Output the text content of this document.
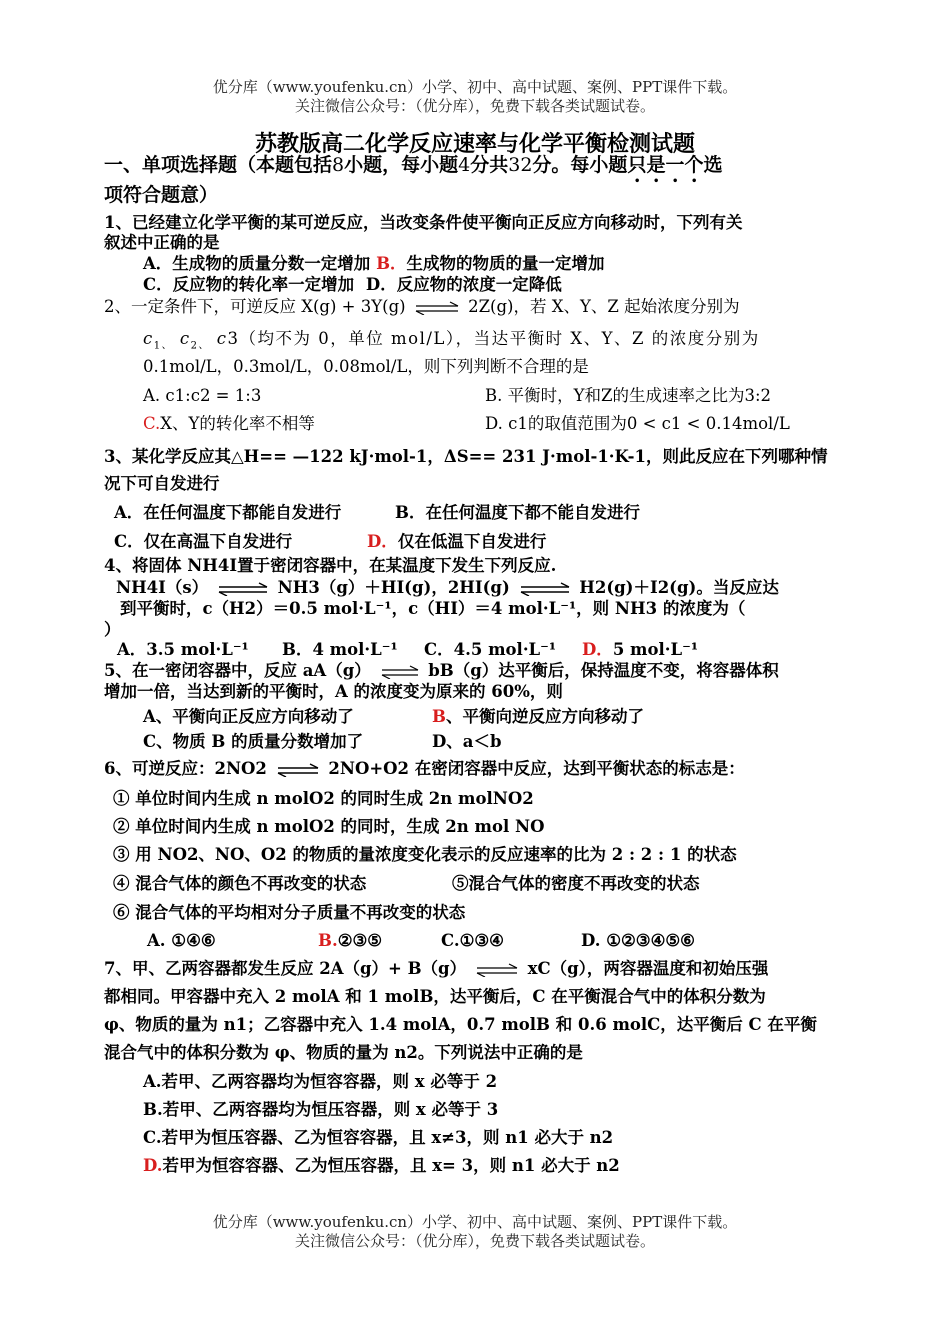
优分库（www.youfenku.cn）小学、初中、高中试题、案例、PPT课件下载。
关注微信公众号：（优分库），免费下载各类试题试卷。
苏教版高二化学反应速率与化学平衡检测试题
一、单项选择题（本题包括8小题，每小题4分共32分。每小题只是一个选
项符合题意）
1、已经建立化学平衡的某可逆反应，当改变条件使平衡向正反应方向移动时，下列有关
叙述中正确的是
A．生成物的质量分数一定增加 B．生成物的物质的量一定增加
C．反应物的转化率一定增加 D．反应物的浓度一定降低
2、一定条件下，可逆反应 X(g) + 3Y(g) ⇌ 2Z(g)，若 X、Y、Z 起始浓度分别为
$c_{1、}$ $c_{2、}$ c3（均不为 0，单位 mol/L），当达平衡时 X、Y、Z 的浓度分别为
0.1mol/L，0.3mol/L，0.08mol/L，则下列判断不合理的是
A. c1:c2 = 1:3	B. 平衡时，Y和Z的生成速率之比为3:2
C.X、Y的转化率不相等	D. c1的取值范围为0 < c1 < 0.14mol/L
3、某化学反应其△H== —122 kJ·mol-1，ΔS== 231 J·mol-1·K-1，则此反应在下列哪种情
况下可自发进行
A．在任何温度下都能自发进行	B．在任何温度下都不能自发进行
C．仅在高温下自发进行	D．仅在低温下自发进行
4、将固体 NH4Ⅰ置于密闭容器中，在某温度下发生下列反应.
NH4Ⅰ（s） ⇌ NH3（g）＋HⅠ(g)，2HI(g) ⇌ H2(g)＋I2(g)。当反应达
到平衡时，c（H2）＝0.5 mol·L⁻¹，c（HⅠ）＝4 mol·L⁻¹，则 NH3 的浓度为（
）
A．3.5 mol·L⁻¹ B．4 mol·L⁻¹ C．4.5 mol·L⁻¹ D．5 mol·L⁻¹
5、在一密闭容器中，反应 aA（g） ⇌ bB（g）达平衡后，保持温度不变，将容器体积
增加一倍，当达到新的平衡时，A 的浓度变为原来的 60%，则
A、平衡向正反应方向移动了	B、平衡向逆反应方向移动了
C、物质 B 的质量分数增加了	D、a＜b
6、可逆反应：2NO2 ⇌ 2NO+O2 在密闭容器中反应，达到平衡状态的标志是：
① 单位时间内生成 n molO2 的同时生成 2n molNO2
② 单位时间内生成 n molO2 的同时，生成 2n mol NO
③ 用 NO2、NO、O2 的物质的量浓度变化表示的反应速率的比为 2 : 2 : 1 的状态
④ 混合气体的颜色不再改变的状态	⑤混合气体的密度不再改变的状态
⑥ 混合气体的平均相对分子质量不再改变的状态
A. ①④⑥	B.②③⑤	C.①③④	D. ①②③④⑤⑥
7、甲、乙两容器都发生反应 2A（g）+ B（g） ⇌ xC（g），两容器温度和初始压强
都相同。甲容器中充入 2 molA 和 1 molB，达平衡后，C 在平衡混合气中的体积分数为
φ、物质的量为 n1；乙容器中充入 1.4 molA，0.7 molB 和 0.6 molC，达平衡后 C 在平衡
混合气中的体积分数为 φ、物质的量为 n2。下列说法中正确的是
A.若甲、乙两容器均为恒容容器，则 x 必等于 2
B.若甲、乙两容器均为恒压容器，则 x 必等于 3
C.若甲为恒压容器、乙为恒容容器，且 x≠3，则 n1 必大于 n2
D.若甲为恒容容器、乙为恒压容器，且 x= 3，则 n1 必大于 n2
优分库（www.youfenku.cn）小学、初中、高中试题、案例、PPT课件下载。
关注微信公众号：（优分库），免费下载各类试题试卷。
